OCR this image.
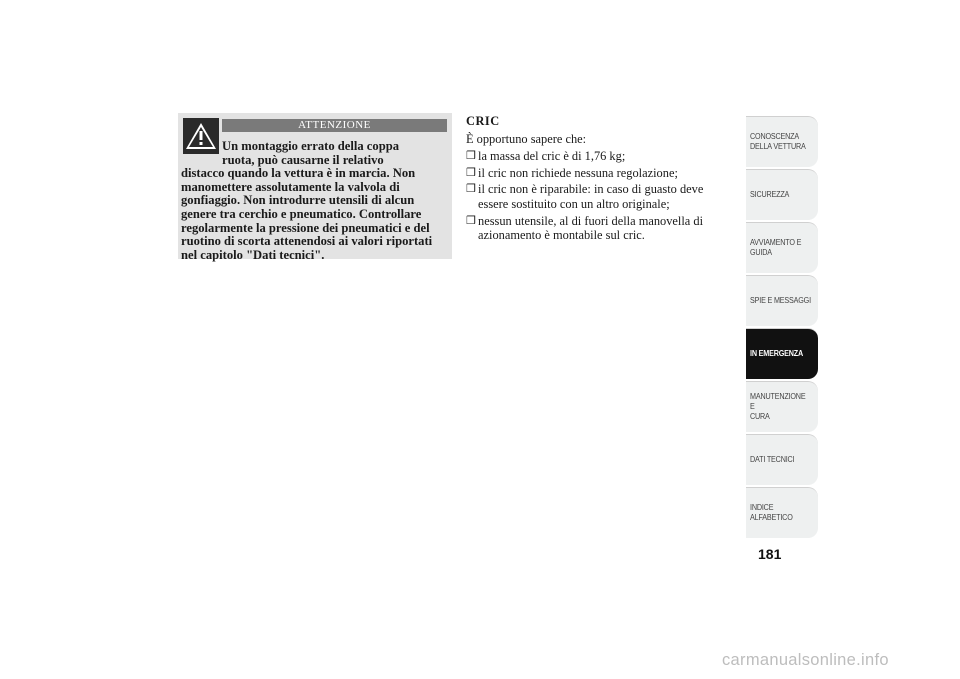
ATTENZIONE

Un montaggio errato della coppa
ruota, può causarne il relativo
distacco quando la vettura è in marcia. Non manomettere assolutamente la valvola di gonfiaggio. Non introdurre utensili di alcun genere tra cerchio e pneumatico. Controllare regolarmente la pressione dei pneumatici e del ruotino di scorta attenendosi ai valori riportati nel capitolo "Dati tecnici".

CRIC

È opportuno sapere che:

❒ la massa del cric è di 1,76 kg;
❒ il cric non richiede nessuna regolazione;
❒ il cric non è riparabile: in caso di guasto deve essere sostituito con un altro originale;
❒ nessun utensile, al di fuori della manovella di azionamento è montabile sul cric.
CONOSCENZA
DELLA VETTURA
SICUREZZA
AVVIAMENTO E
GUIDA
SPIE E MESSAGGI
IN EMERGENZA
MANUTENZIONE E
CURA
DATI TECNICI
INDICE
ALFABETICO
181
carmanualsonline.info
